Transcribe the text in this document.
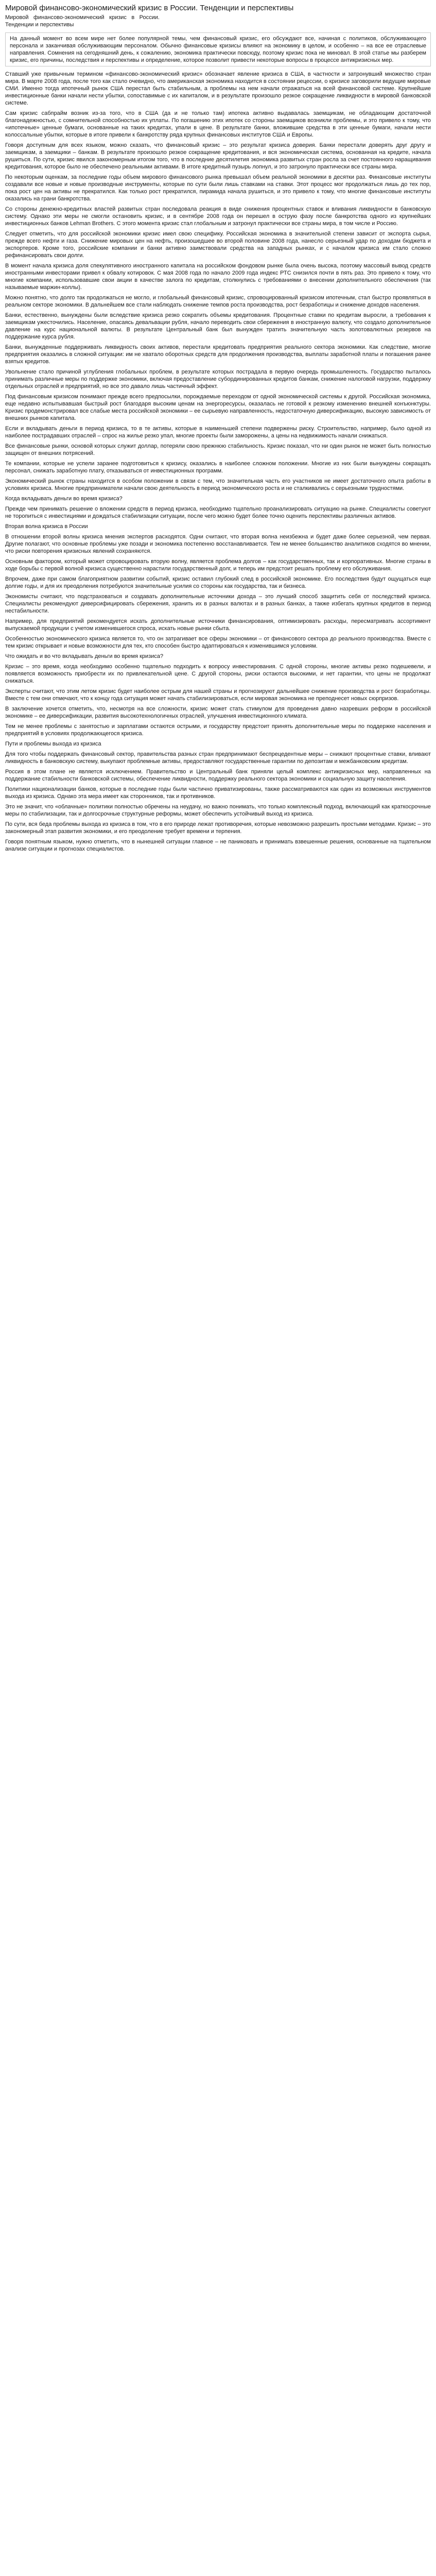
Мировой финансово-экономический кризис в России. Тенденции и перспективы
Мировой финансово-экономический кризис в России. Тенденции и перспективы

На данный момент во всем мире нет более популярной темы, чем финансовый кризис, его обсуждают все, начиная с политиков, обслуживающего персонала и заканчивая обслуживающим персоналом. Обычно финансовые кризисы влияют на экономику в целом, и особенно – на все ее отраслевые направления. Сомнения на сегодняшний день, к сожалению, экономика практически повсюду, поэтому кризис пока не миновал. В этой статье мы разберем кризис, его причины, последствия и перспективы и определение, которое позволит привести некоторые вопросы в процессе антикризисных мер.

Ставший уже привычным термином «финансово-экономический кризис» обозначает явление кризиса в США, в частности и затронувший множество стран мира. В марте 2008 года, после того как стало очевидно, что американская экономика находится в состоянии рецессии, о кризисе заговорили ведущие мировые СМИ. Именно тогда ипотечный рынок США перестал быть стабильным, а проблемы на нем начали отражаться на всей финансовой системе. Крупнейшие инвестиционные банки начали нести убытки, сопоставимые с их капиталом, и в результате произошло резкое сокращение ликвидности в мировой банковской системе.

Сам кризис сабпрайм возник из-за того, что в США (да и не только там) ипотека активно выдавалась заемщикам, не обладающим достаточной благонадежностью, с сомнительной способностью их уплаты. По погашению этих ипотек со стороны заемщиков возникли проблемы, и это привело к тому, что «ипотечные» ценные бумаги, основанные на таких кредитах, упали в цене. В результате банки, вложившие средства в эти ценные бумаги, начали нести колоссальные убытки, которые в итоге привели к банкротству ряда крупных финансовых институтов США и Европы.

Говоря доступным для всех языком, можно сказать, что финансовый кризис – это результат кризиса доверия. Банки перестали доверять друг другу и заемщикам, а заемщики – банкам. В результате произошло резкое сокращение кредитования, и вся экономическая система, основанная на кредите, начала рушиться. По сути, кризис явился закономерным итогом того, что в последние десятилетия экономика развитых стран росла за счет постоянного наращивания кредитования, которое было не обеспечено реальными активами. В итоге кредитный пузырь лопнул, и это затронуло практически все страны мира.

По некоторым оценкам, за последние годы объем мирового финансового рынка превышал объем реальной экономики в десятки раз. Финансовые институты создавали все новые и новые производные инструменты, которые по сути были лишь ставками на ставки. Этот процесс мог продолжаться лишь до тех пор, пока рост цен на активы не прекратился. Как только рост прекратился, пирамида начала рушиться, и это привело к тому, что многие финансовые институты оказались на грани банкротства.

Со стороны денежно-кредитных властей развитых стран последовала реакция в виде снижения процентных ставок и вливания ликвидности в банковскую систему. Однако эти меры не смогли остановить кризис, и в сентябре 2008 года он перешел в острую фазу после банкротства одного из крупнейших инвестиционных банков Lehman Brothers. С этого момента кризис стал глобальным и затронул практически все страны мира, в том числе и Россию.

Следует отметить, что для российской экономики кризис имел свою специфику. Российская экономика в значительной степени зависит от экспорта сырья, прежде всего нефти и газа. Снижение мировых цен на нефть, произошедшее во второй половине 2008 года, нанесло серьезный удар по доходам бюджета и экспортеров. Кроме того, российские компании и банки активно заимствовали средства на западных рынках, и с началом кризиса им стало сложно рефинансировать свои долги.

В момент начала кризиса доля спекулятивного иностранного капитала на российском фондовом рынке была очень высока, поэтому массовый вывод средств иностранными инвесторами привел к обвалу котировок. С мая 2008 года по начало 2009 года индекс РТС снизился почти в пять раз. Это привело к тому, что многие компании, использовавшие свои акции в качестве залога по кредитам, столкнулись с требованиями о внесении дополнительного обеспечения (так называемые маржин-коллы).

Можно понятно, что долго так продолжаться не могло, и глобальный финансовый кризис, спровоцированный кризисом ипотечным, стал быстро проявляться в реальном секторе экономики. В дальнейшем все стали наблюдать снижение темпов роста производства, рост безработицы и снижение доходов населения.

Банки, естественно, вынуждены были вследствие кризиса резко сократить объемы кредитования. Процентные ставки по кредитам выросли, а требования к заемщикам ужесточились. Население, опасаясь девальвации рубля, начало переводить свои сбережения в иностранную валюту, что создало дополнительное давление на курс национальной валюты. В результате Центральный банк был вынужден тратить значительную часть золотовалютных резервов на поддержание курса рубля.

Банки, вынужденные поддерживать ликвидность своих активов, перестали кредитовать предприятия реального сектора экономики. Как следствие, многие предприятия оказались в сложной ситуации: им не хватало оборотных средств для продолжения производства, выплаты заработной платы и погашения ранее взятых кредитов.

Увольнение стало причиной углубления глобальных проблем, в результате которых пострадала в первую очередь промышленность. Государство пыталось принимать различные меры по поддержке экономики, включая предоставление субординированных кредитов банкам, снижение налоговой нагрузки, поддержку отдельных отраслей и предприятий, но все это давало лишь частичный эффект.

Под финансовым кризисом понимают прежде всего предпосылки, порождаемые переходом от одной экономической системы к другой. Российская экономика, еще недавно испытывавшая быстрый рост благодаря высоким ценам на энергоресурсы, оказалась не готовой к резкому изменению внешней конъюнктуры. Кризис продемонстрировал все слабые места российской экономики – ее сырьевую направленность, недостаточную диверсификацию, высокую зависимость от внешних рынков капитала.

Если и вкладывать деньги в период кризиса, то в те активы, которые в наименьшей степени подвержены риску. Строительство, например, было одной из наиболее пострадавших отраслей – спрос на жилье резко упал, многие проекты были заморожены, а цены на недвижимость начали снижаться.

Все финансовые рынки, основой которых служит доллар, потеряли свою прежнюю стабильность. Кризис показал, что ни один рынок не может быть полностью защищен от внешних потрясений.

Те компании, которые не успели заранее подготовиться к кризису, оказались в наиболее сложном положении. Многие из них были вынуждены сокращать персонал, снижать заработную плату, отказываться от инвестиционных программ.

Экономический рынок страны находится в особом положении в связи с тем, что значительная часть его участников не имеет достаточного опыта работы в условиях кризиса. Многие предприниматели начали свою деятельность в период экономического роста и не сталкивались с серьезными трудностями.

Когда вкладывать деньги во время кризиса?

Прежде чем принимать решение о вложении средств в период кризиса, необходимо тщательно проанализировать ситуацию на рынке. Специалисты советуют не торопиться с инвестициями и дождаться стабилизации ситуации, после чего можно будет более точно оценить перспективы различных активов.

Вторая волна кризиса в России

В отношении второй волны кризиса мнения экспертов расходятся. Одни считают, что вторая волна неизбежна и будет даже более серьезной, чем первая. Другие полагают, что основные проблемы уже позади и экономика постепенно восстанавливается. Тем не менее большинство аналитиков сходятся во мнении, что риски повторения кризисных явлений сохраняются.

Основным фактором, который может спровоцировать вторую волну, является проблема долгов – как государственных, так и корпоративных. Многие страны в ходе борьбы с первой волной кризиса существенно нарастили государственный долг, и теперь им предстоит решать проблему его обслуживания.

Впрочем, даже при самом благоприятном развитии событий, кризис оставил глубокий след в российской экономике. Его последствия будут ощущаться еще долгие годы, и для их преодоления потребуются значительные усилия со стороны как государства, так и бизнеса.

Экономисты считают, что подстраховаться и создавать дополнительные источники дохода – это лучший способ защитить себя от последствий кризиса. Специалисты рекомендуют диверсифицировать сбережения, хранить их в разных валютах и в разных банках, а также избегать крупных кредитов в период нестабильности.

Например, для предприятий рекомендуется искать дополнительные источники финансирования, оптимизировать расходы, пересматривать ассортимент выпускаемой продукции с учетом изменившегося спроса, искать новые рынки сбыта.

Особенностью экономического кризиса является то, что он затрагивает все сферы экономики – от финансового сектора до реального производства. Вместе с тем кризис открывает и новые возможности для тех, кто способен быстро адаптироваться к изменившимся условиям.

Что ожидать и во что вкладывать деньги во время кризиса?

Кризис – это время, когда необходимо особенно тщательно подходить к вопросу инвестирования. С одной стороны, многие активы резко подешевели, и появляется возможность приобрести их по привлекательной цене. С другой стороны, риски остаются высокими, и нет гарантии, что цены не продолжат снижаться.

Эксперты считают, что этим летом кризис будет наиболее острым для нашей страны и прогнозируют дальнейшее снижение производства и рост безработицы. Вместе с тем они отмечают, что к концу года ситуация может начать стабилизироваться, если мировая экономика не преподнесет новых сюрпризов.

В заключение хочется отметить, что, несмотря на все сложности, кризис может стать стимулом для проведения давно назревших реформ в российской экономике – ее диверсификации, развития высокотехнологичных отраслей, улучшения инвестиционного климата.

Тем не менее проблемы с занятостью и зарплатами остаются острыми, и государству предстоит принять дополнительные меры по поддержке населения и предприятий в условиях продолжающегося кризиса.

Пути и проблемы выхода из кризиса

Для того чтобы поддержать финансовый сектор, правительства разных стран предпринимают беспрецедентные меры – снижают процентные ставки, вливают ликвидность в банковскую систему, выкупают проблемные активы, предоставляют государственные гарантии по депозитам и межбанковским кредитам.

Россия в этом плане не является исключением. Правительство и Центральный банк приняли целый комплекс антикризисных мер, направленных на поддержание стабильности банковской системы, обеспечение ликвидности, поддержку реального сектора экономики и социальную защиту населения.

Политики национализации банков, которые в последние годы были частично приватизированы, также рассматриваются как один из возможных инструментов выхода из кризиса. Однако эта мера имеет как сторонников, так и противников.

Это не значит, что «облачные» политики полностью обречены на неудачу, но важно понимать, что только комплексный подход, включающий как краткосрочные меры по стабилизации, так и долгосрочные структурные реформы, может обеспечить устойчивый выход из кризиса.

По сути, вся беда проблемы выхода из кризиса в том, что в его природе лежат противоречия, которые невозможно разрешить простыми методами. Кризис – это закономерный этап развития экономики, и его преодоление требует времени и терпения.

Говоря понятным языком, нужно отметить, что в нынешней ситуации главное – не паниковать и принимать взвешенные решения, основанные на тщательном анализе ситуации и прогнозах специалистов.
